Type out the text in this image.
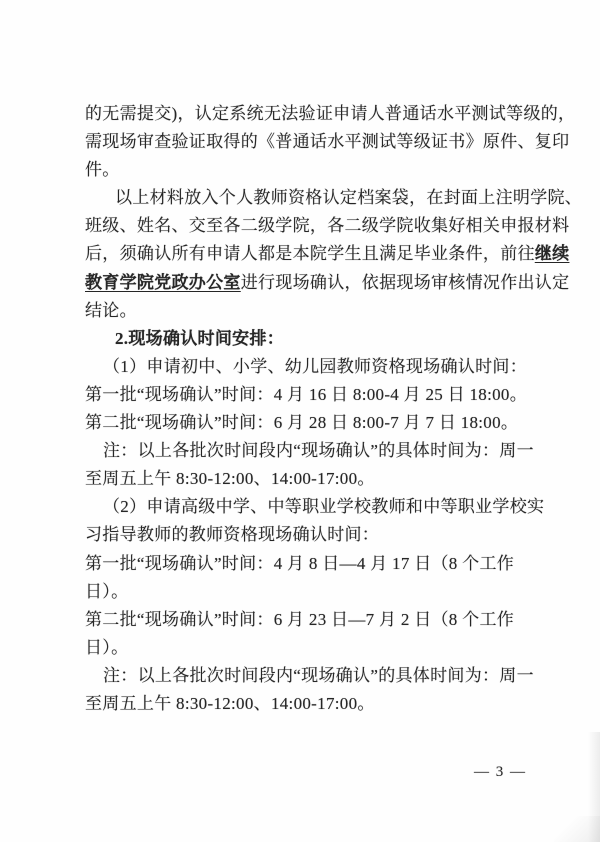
的无需提交)，认定系统无法验证申请人普通话水平测试等级的，
需现场审查验证取得的《普通话水平测试等级证书》原件、复印
件。
以上材料放入个人教师资格认定档案袋，在封面上注明学院、
班级、姓名、交至各二级学院，各二级学院收集好相关申报材料
后，须确认所有申请人都是本院学生且满足毕业条件，前往继续
教育学院党政办公室进行现场确认，依据现场审核情况作出认定
结论。
2.现场确认时间安排：
（1）申请初中、小学、幼儿园教师资格现场确认时间：
第一批“现场确认”时间：4 月 16 日 8:00-4 月 25 日 18:00。
第二批“现场确认”时间：6 月 28 日 8:00-7 月 7 日 18:00。
注：以上各批次时间段内“现场确认”的具体时间为：周一
至周五上午 8:30-12:00、14:00-17:00。
（2）申请高级中学、中等职业学校教师和中等职业学校实
习指导教师的教师资格现场确认时间：
第一批“现场确认”时间：4 月 8 日—4 月 17 日（8 个工作
日）。
第二批“现场确认”时间：6 月 23 日—7 月 2 日（8 个工作
日）。
注：以上各批次时间段内“现场确认”的具体时间为：周一
至周五上午 8:30-12:00、14:00-17:00。
— 3 —
